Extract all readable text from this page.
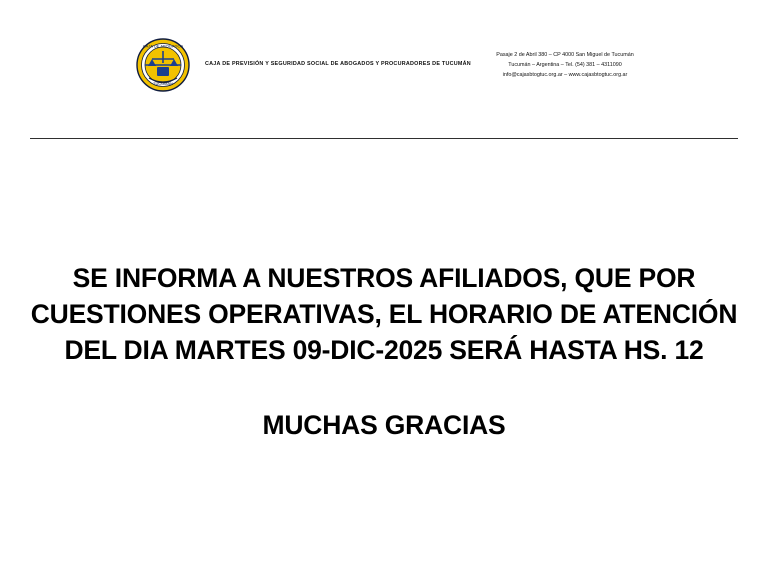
CAJA DE ABOGADOS
TUCUMÁN
CAJA DE PREVISIÓN Y SEGURIDAD SOCIAL DE ABOGADOS Y PROCURADORES DE TUCUMÁN
Pasaje 2 de Abril 380 – CP 4000 San Miguel de Tucumán
Tucumán – Argentina – Tel. (54) 381 – 4311090
info@cajasbtogtuc.org.ar – www.cajasbtogtuc.org.ar
SE INFORMA A NUESTROS AFILIADOS, QUE POR CUESTIONES OPERATIVAS, EL HORARIO DE ATENCIÓN DEL DIA MARTES 09-DIC-2025 SERÁ HASTA HS. 12
MUCHAS GRACIAS
